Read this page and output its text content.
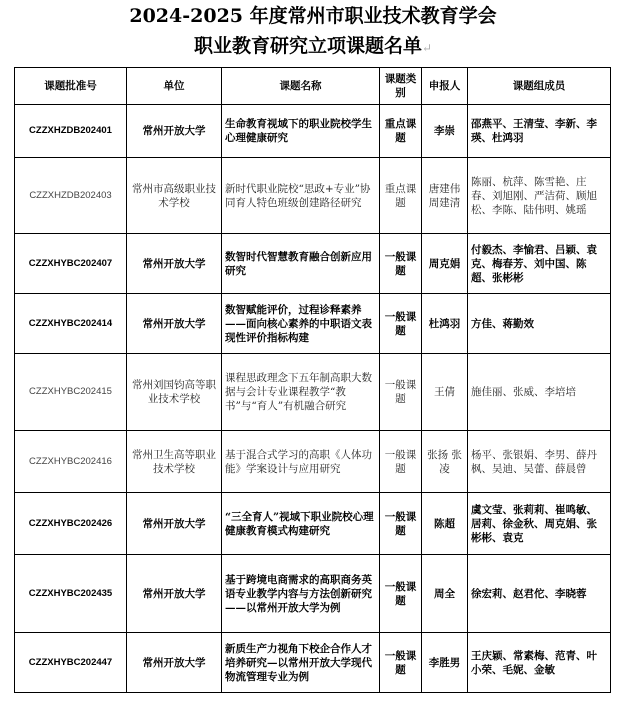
2024-2025 年度常州市职业技术教育学会
职业教育研究立项课题名单↵
课题批准号	单位	课题名称	课题类别	申报人	课题组成员
CZZXHZDB202401	常州开放大学	生命教育视域下的职业院校学生心理健康研究	重点课题	李崇	邵燕平、王清莹、李新、李瑛、杜鸿羽
CZZXHZDB202403	常州市高级职业技术学校	新时代职业院校“思政+专业”协同育人特色班级创建路径研究	重点课题	唐建伟 周建清	陈丽、杭萍、陈雪艳、庄春、刘旭刚、严洁荷、顾旭松、李陈、陆伟明、姚瑶
CZZXHYBC202407	常州开放大学	数智时代智慧教育融合创新应用研究	一般课题	周克娟	付毅杰、李愉君、吕颖、袁克、梅春芳、刘中国、陈超、张彬彬
CZZXHYBC202414	常州开放大学	数智赋能评价，过程诊释素养——面向核心素养的中职语文表现性评价指标构建	一般课题	杜鸿羽	方佳、蒋勤效
CZZXHYBC202415	常州刘国钧高等职业技术学校	课程思政理念下五年制高职大数据与会计专业课程教学“教书”与“育人”有机融合研究	一般课题	王倩	施佳丽、张威、李培培
CZZXHYBC202416	常州卫生高等职业技术学校	基于混合式学习的高职《人体功能》学案设计与应用研究	一般课题	张扬 张凌	杨平、张银娟、李男、薛丹枫、吴迪、吴蕾、薛晨曾
CZZXHYBC202426	常州开放大学	“三全育人”视域下职业院校心理健康教育模式构建研究	一般课题	陈超	虞文莹、张莉莉、崔鸣敏、居莉、徐金秋、周克娟、张彬彬、袁克
CZZXHYBC202435	常州开放大学	基于跨境电商需求的高职商务英语专业教学内容与方法创新研究——以常州开放大学为例	一般课题	周全	徐宏莉、赵君佗、李晓蓉
CZZXHYBC202447	常州开放大学	新质生产力视角下校企合作人才培养研究—以常州开放大学现代物流管理专业为例	一般课题	李胜男	王庆颖、常素梅、范青、叶小荣、毛妮、金敏
